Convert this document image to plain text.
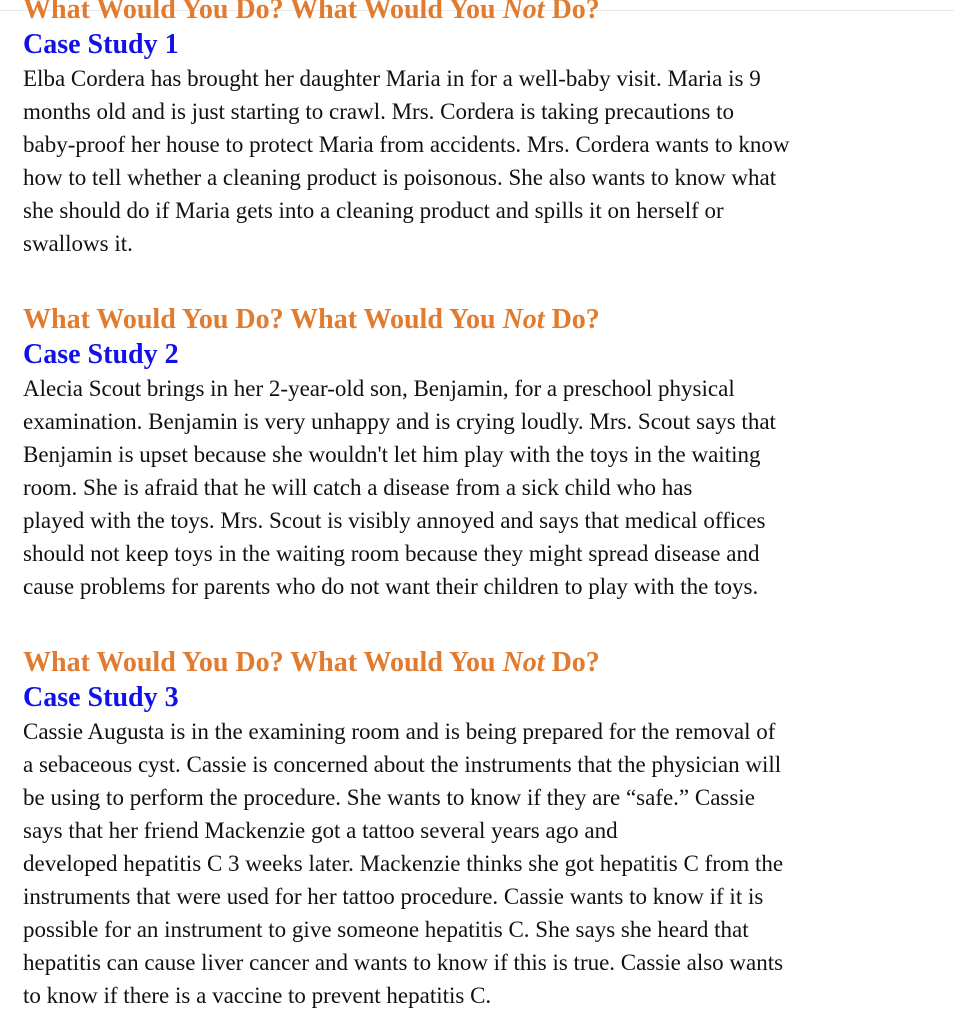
What Would You Do? What Would You Not Do?
Case Study 1

Elba Cordera has brought her daughter Maria in for a well-baby visit. Maria is 9
months old and is just starting to crawl. Mrs. Cordera is taking precautions to
baby-proof her house to protect Maria from accidents. Mrs. Cordera wants to know
how to tell whether a cleaning product is poisonous. She also wants to know what
she should do if Maria gets into a cleaning product and spills it on herself or
swallows it.

What Would You Do? What Would You Not Do?
Case Study 2

Alecia Scout brings in her 2-year-old son, Benjamin, for a preschool physical
examination. Benjamin is very unhappy and is crying loudly. Mrs. Scout says that
Benjamin is upset because she wouldn't let him play with the toys in the waiting
room. She is afraid that he will catch a disease from a sick child who has
played with the toys. Mrs. Scout is visibly annoyed and says that medical offices
should not keep toys in the waiting room because they might spread disease and
cause problems for parents who do not want their children to play with the toys.

What Would You Do? What Would You Not Do?
Case Study 3

Cassie Augusta is in the examining room and is being prepared for the removal of
a sebaceous cyst. Cassie is concerned about the instruments that the physician will
be using to perform the procedure. She wants to know if they are “safe.” Cassie
says that her friend Mackenzie got a tattoo several years ago and
developed hepatitis C 3 weeks later. Mackenzie thinks she got hepatitis C from the
instruments that were used for her tattoo procedure. Cassie wants to know if it is
possible for an instrument to give someone hepatitis C. She says she heard that
hepatitis can cause liver cancer and wants to know if this is true. Cassie also wants
to know if there is a vaccine to prevent hepatitis C.
